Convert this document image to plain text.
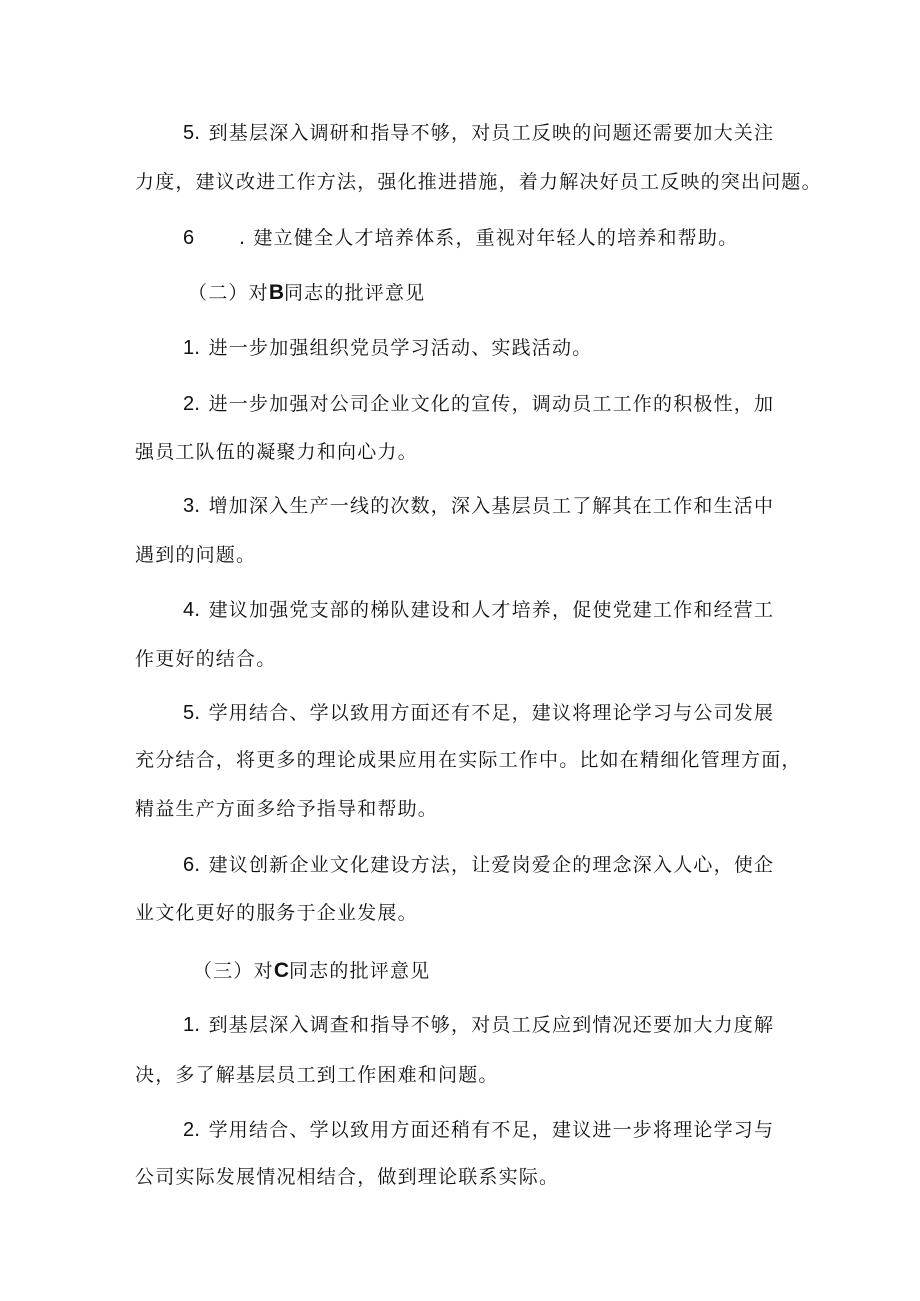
5. 到基层深入调研和指导不够，对员工反映的问题还需要加大关注
力度，建议改进工作方法，强化推进措施，着力解决好员工反映的突出问题。
6 . 建立健全人才培养体系，重视对年轻人的培养和帮助。
（二）对B同志的批评意见
1. 进一步加强组织党员学习活动、实践活动。
2. 进一步加强对公司企业文化的宣传，调动员工工作的积极性，加
强员工队伍的凝聚力和向心力。
3. 增加深入生产一线的次数，深入基层员工了解其在工作和生活中
遇到的问题。
4. 建议加强党支部的梯队建设和人才培养，促使党建工作和经营工
作更好的结合。
5. 学用结合、学以致用方面还有不足，建议将理论学习与公司发展
充分结合，将更多的理论成果应用在实际工作中。比如在精细化管理方面，
精益生产方面多给予指导和帮助。
6. 建议创新企业文化建设方法，让爱岗爱企的理念深入人心，使企
业文化更好的服务于企业发展。
（三）对C同志的批评意见
1. 到基层深入调查和指导不够，对员工反应到情况还要加大力度解
决，多了解基层员工到工作困难和问题。
2. 学用结合、学以致用方面还稍有不足，建议进一步将理论学习与
公司实际发展情况相结合，做到理论联系实际。
